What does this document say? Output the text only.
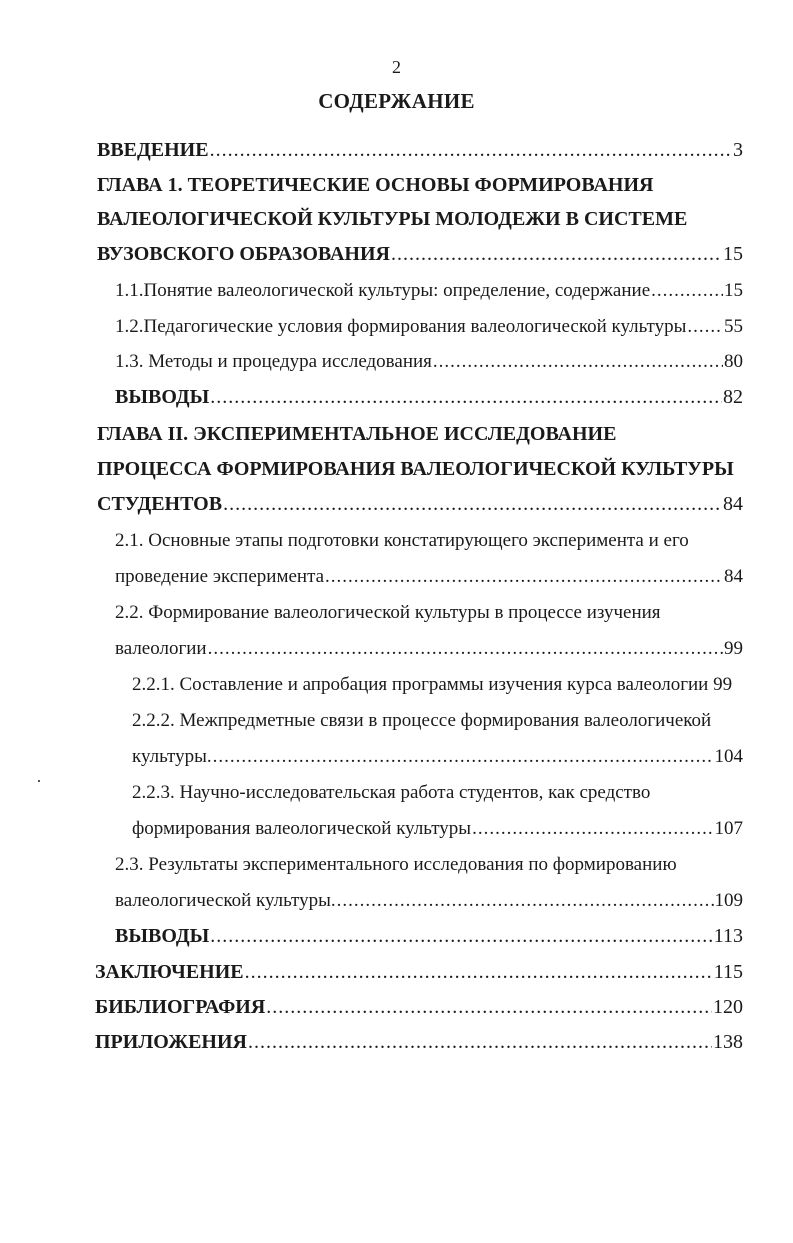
2
СОДЕРЖАНИЕ
ВВЕДЕНИЕ .....	3
ГЛАВА 1. ТЕОРЕТИЧЕСКИЕ ОСНОВЫ ФОРМИРОВАНИЯ
ВАЛЕОЛОГИЧЕСКОЙ КУЛЬТУРЫ МОЛОДЕЖИ В СИСТЕМЕ
ВУЗОВСКОГО ОБРАЗОВАНИЯ .....	15
1.1.Понятие валеологической культуры: определение, содержание .....	15
1.2.Педагогические условия формирования валеологической культуры ..... 55
1.3. Методы и процедура исследования .....	80
ВЫВОДЫ .....	82
ГЛАВА II. ЭКСПЕРИМЕНТАЛЬНОЕ ИССЛЕДОВАНИЕ
ПРОЦЕССА ФОРМИРОВАНИЯ ВАЛЕОЛОГИЧЕСКОЙ КУЛЬТУРЫ
СТУДЕНТОВ .....	84
2.1. Основные этапы подготовки констатирующего эксперимента и его
проведение эксперимента .....	84
2.2. Формирование валеологической культуры в процессе изучения
валеологии .....	99
2.2.1. Составление и апробация программы изучения курса валеологии 99
2.2.2. Межпредметные связи в процессе формирования валеологичекой
культуры. .....	104
2.2.3. Научно-исследовательская работа студентов, как средство
формирования валеологической культуры .....	107
2.3. Результаты экспериментального исследования по формированию
валеологической культуры. .....	109
ВЫВОДЫ .....	113
ЗАКЛЮЧЕНИЕ .....	115
БИБЛИОГРАФИЯ .....	120
ПРИЛОЖЕНИЯ .....	138
